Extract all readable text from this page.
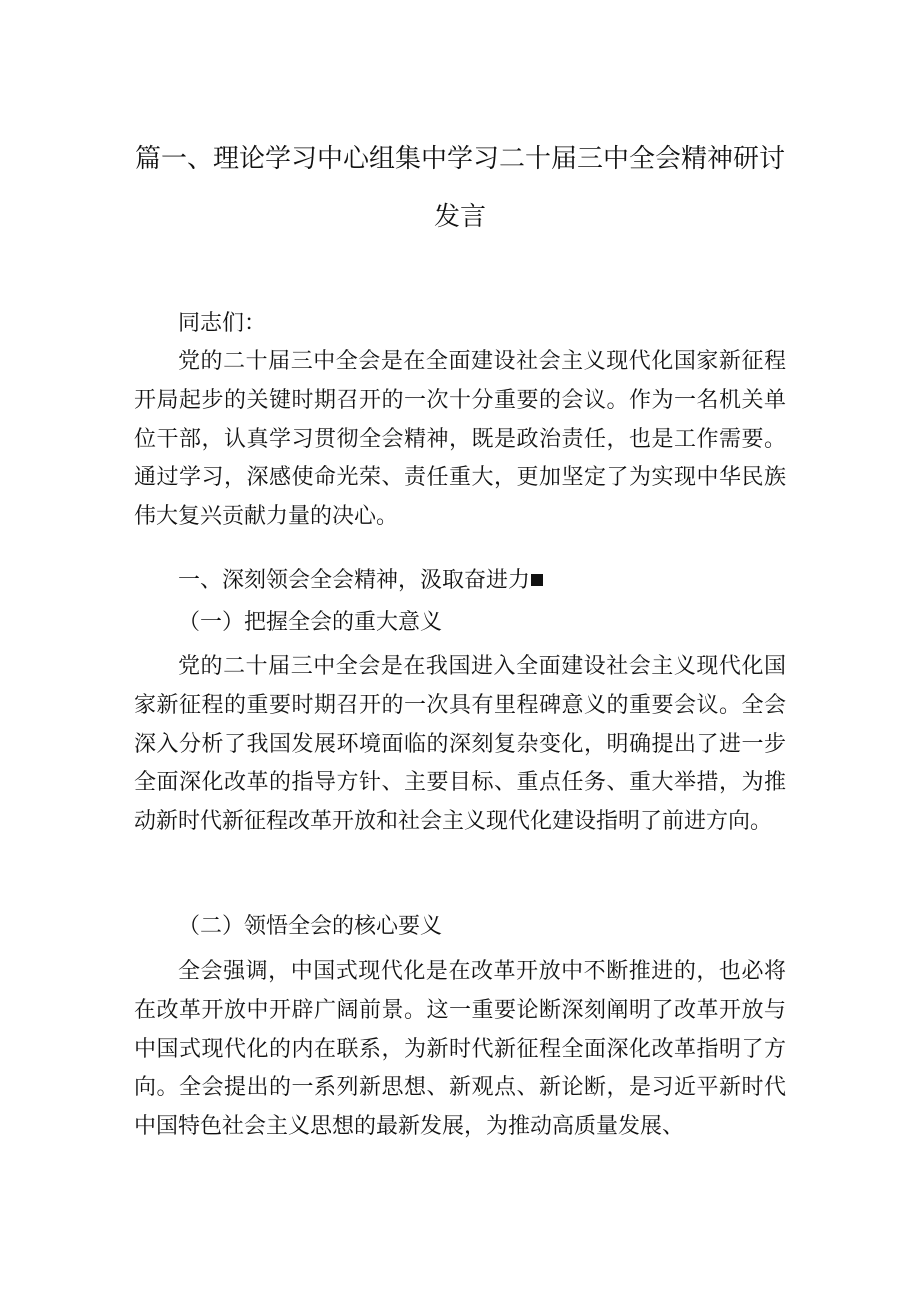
篇一、理论学习中心组集中学习二十届三中全会精神研讨
发言
同志们：

党的二十届三中全会是在全面建设社会主义现代化国家新征程开局起步的关键时期召开的一次十分重要的会议。作为一名机关单位干部，认真学习贯彻全会精神，既是政治责任，也是工作需要。通过学习，深感使命光荣、责任重大，更加坚定了为实现中华民族伟大复兴贡献力量的决心。

一、深刻领会全会精神，汲取奋进力
（一）把握全会的重大意义

党的二十届三中全会是在我国进入全面建设社会主义现代化国家新征程的重要时期召开的一次具有里程碑意义的重要会议。全会深入分析了我国发展环境面临的深刻复杂变化，明确提出了进一步全面深化改革的指导方针、主要目标、重点任务、重大举措，为推动新时代新征程改革开放和社会主义现代化建设指明了前进方向。

（二）领悟全会的核心要义

全会强调，中国式现代化是在改革开放中不断推进的，也必将在改革开放中开辟广阔前景。这一重要论断深刻阐明了改革开放与中国式现代化的内在联系，为新时代新征程全面深化改革指明了方向。全会提出的一系列新思想、新观点、新论断，是习近平新时代中国特色社会主义思想的最新发展，为推动高质量发展、
